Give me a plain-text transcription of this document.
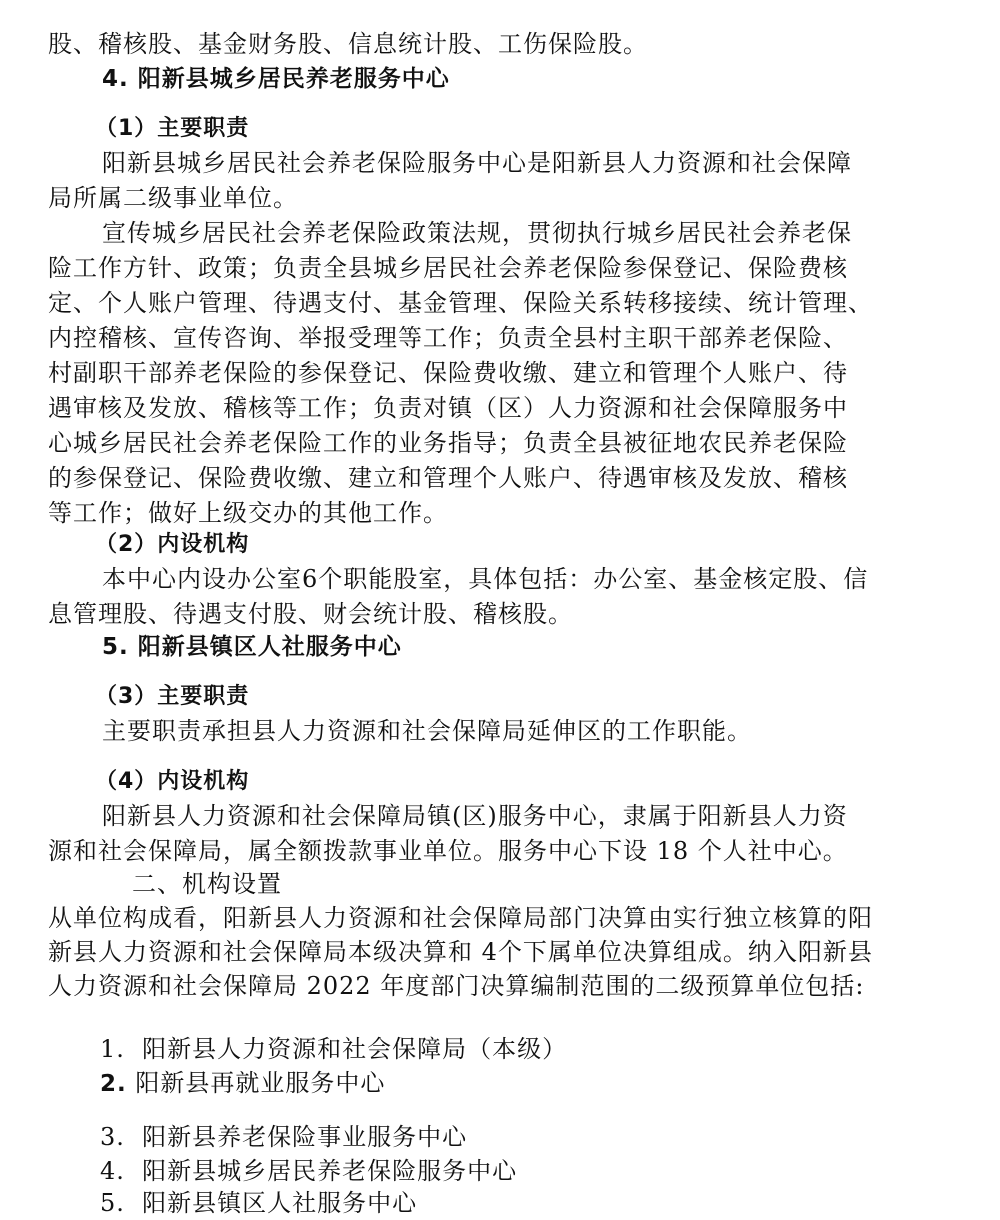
股、稽核股、基金财务股、信息统计股、工伤保险股。
4. 阳新县城乡居民养老服务中心
（1）主要职责
阳新县城乡居民社会养老保险服务中心是阳新县人力资源和社会保障
局所属二级事业单位。
宣传城乡居民社会养老保险政策法规，贯彻执行城乡居民社会养老保
险工作方针、政策；负责全县城乡居民社会养老保险参保登记、保险费核
定、个人账户管理、待遇支付、基金管理、保险关系转移接续、统计管理、
内控稽核、宣传咨询、举报受理等工作；负责全县村主职干部养老保险、
村副职干部养老保险的参保登记、保险费收缴、建立和管理个人账户、待
遇审核及发放、稽核等工作；负责对镇（区）人力资源和社会保障服务中
心城乡居民社会养老保险工作的业务指导；负责全县被征地农民养老保险
的参保登记、保险费收缴、建立和管理个人账户、待遇审核及发放、稽核
等工作；做好上级交办的其他工作。
（2）内设机构
本中心内设办公室6个职能股室，具体包括：办公室、基金核定股、信
息管理股、待遇支付股、财会统计股、稽核股。
5. 阳新县镇区人社服务中心
（3）主要职责
主要职责承担县人力资源和社会保障局延伸区的工作职能。
（4）内设机构
阳新县人力资源和社会保障局镇(区)服务中心，隶属于阳新县人力资
源和社会保障局，属全额拨款事业单位。服务中心下设 18 个人社中心。
二、机构设置
从单位构成看，阳新县人力资源和社会保障局部门决算由实行独立核算的阳
新县人力资源和社会保障局本级决算和 4个下属单位决算组成。纳入阳新县
人力资源和社会保障局 2022 年度部门决算编制范围的二级预算单位包括:
1. 阳新县人力资源和社会保障局（本级）
2. 阳新县再就业服务中心
3. 阳新县养老保险事业服务中心
4. 阳新县城乡居民养老保险服务中心
5. 阳新县镇区人社服务中心
